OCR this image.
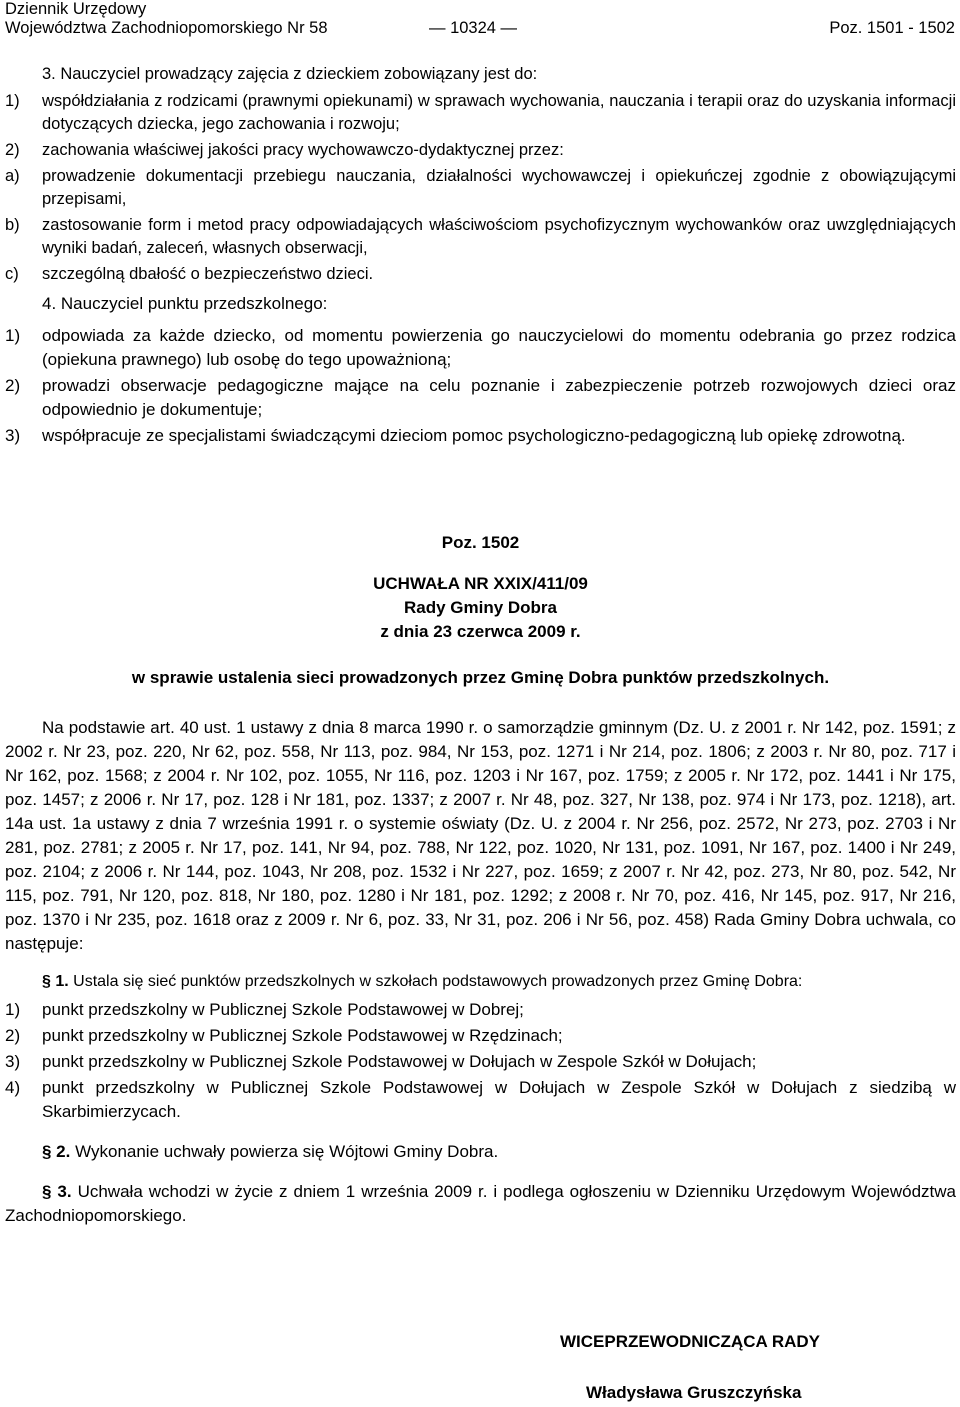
Dziennik Urzędowy
Województwa Zachodniopomorskiego Nr 58	Poz. 1501 - 1502
— 10324 —

3. Nauczyciel prowadzący zajęcia z dzieckiem zobowiązany jest do:

1)	współdziałania z rodzicami (prawnymi opiekunami) w sprawach wychowania, nauczania i terapii oraz do uzyskania informacji dotyczących dziecka, jego zachowania i rozwoju;
2)	zachowania właściwej jakości pracy wychowawczo-dydaktycznej przez:
a)	prowadzenie dokumentacji przebiegu nauczania, działalności wychowawczej i opiekuńczej zgodnie z obowiązującymi przepisami,
b)	zastosowanie form i metod pracy odpowiadających właściwościom psychofizycznym wychowanków oraz uwzględniających wyniki badań, zaleceń, własnych obserwacji,
c)	szczególną dbałość o bezpieczeństwo dzieci.

4. Nauczyciel punktu przedszkolnego:

1)	odpowiada za każde dziecko, od momentu powierzenia go nauczycielowi do momentu odebrania go przez rodzica (opiekuna prawnego) lub osobę do tego upoważnioną;
2)	prowadzi obserwacje pedagogiczne mające na celu poznanie i zabezpieczenie potrzeb rozwojowych dzieci oraz odpowiednio je dokumentuje;
3)	współpracuje ze specjalistami świadczącymi dzieciom pomoc psychologiczno-pedagogiczną lub opiekę zdrowotną.

Poz. 1502

UCHWAŁA NR XXIX/411/09

Rady Gminy Dobra

z dnia 23 czerwca 2009 r.

w sprawie ustalenia sieci prowadzonych przez Gminę Dobra punktów przedszkolnych.

Na podstawie art. 40 ust. 1 ustawy z dnia 8 marca 1990 r. o samorządzie gminnym (Dz. U. z 2001 r. Nr 142, poz. 1591; z 2002 r. Nr 23, poz. 220, Nr 62, poz. 558, Nr 113, poz. 984, Nr 153, poz. 1271 i Nr 214, poz. 1806; z 2003 r. Nr 80, poz. 717 i Nr 162, poz. 1568; z 2004 r. Nr 102, poz. 1055, Nr 116, poz. 1203 i Nr 167, poz. 1759; z 2005 r. Nr 172, poz. 1441 i Nr 175, poz. 1457; z 2006 r. Nr 17, poz. 128 i Nr 181, poz. 1337; z 2007 r. Nr 48, poz. 327, Nr 138, poz. 974 i Nr 173, poz. 1218), art. 14a ust. 1a ustawy z dnia 7 września 1991 r. o systemie oświaty (Dz. U. z 2004 r. Nr 256, poz. 2572, Nr 273, poz. 2703 i Nr 281, poz. 2781; z 2005 r. Nr 17, poz. 141, Nr 94, poz. 788, Nr 122, poz. 1020, Nr 131, poz. 1091, Nr 167, poz. 1400 i Nr 249, poz. 2104; z 2006 r. Nr 144, poz. 1043, Nr 208, poz. 1532 i Nr 227, poz. 1659; z 2007 r. Nr 42, poz. 273, Nr 80, poz. 542, Nr 115, poz. 791, Nr 120, poz. 818, Nr 180, poz. 1280 i Nr 181, poz. 1292; z 2008 r. Nr 70, poz. 416, Nr 145, poz. 917, Nr 216, poz. 1370 i Nr 235, poz. 1618 oraz z 2009 r. Nr 6, poz. 33, Nr 31, poz. 206 i Nr 56, poz. 458) Rada Gminy Dobra uchwala, co następuje:

§ 1. Ustala się sieć punktów przedszkolnych w szkołach podstawowych prowadzonych przez Gminę Dobra:

1)	punkt przedszkolny w Publicznej Szkole Podstawowej w Dobrej;
2)	punkt przedszkolny w Publicznej Szkole Podstawowej w Rzędzinach;
3)	punkt przedszkolny w Publicznej Szkole Podstawowej w Dołujach w Zespole Szkół w Dołujach;
4)	punkt przedszkolny w Publicznej Szkole Podstawowej w Dołujach w Zespole Szkół w Dołujach z siedzibą w Skarbimierzycach.

§ 2. Wykonanie uchwały powierza się Wójtowi Gminy Dobra.

§ 3. Uchwała wchodzi w życie z dniem 1 września 2009 r. i podlega ogłoszeniu w Dzienniku Urzędowym Województwa Zachodniopomorskiego.

WICEPRZEWODNICZĄCA RADY
Władysława Gruszczyńska
